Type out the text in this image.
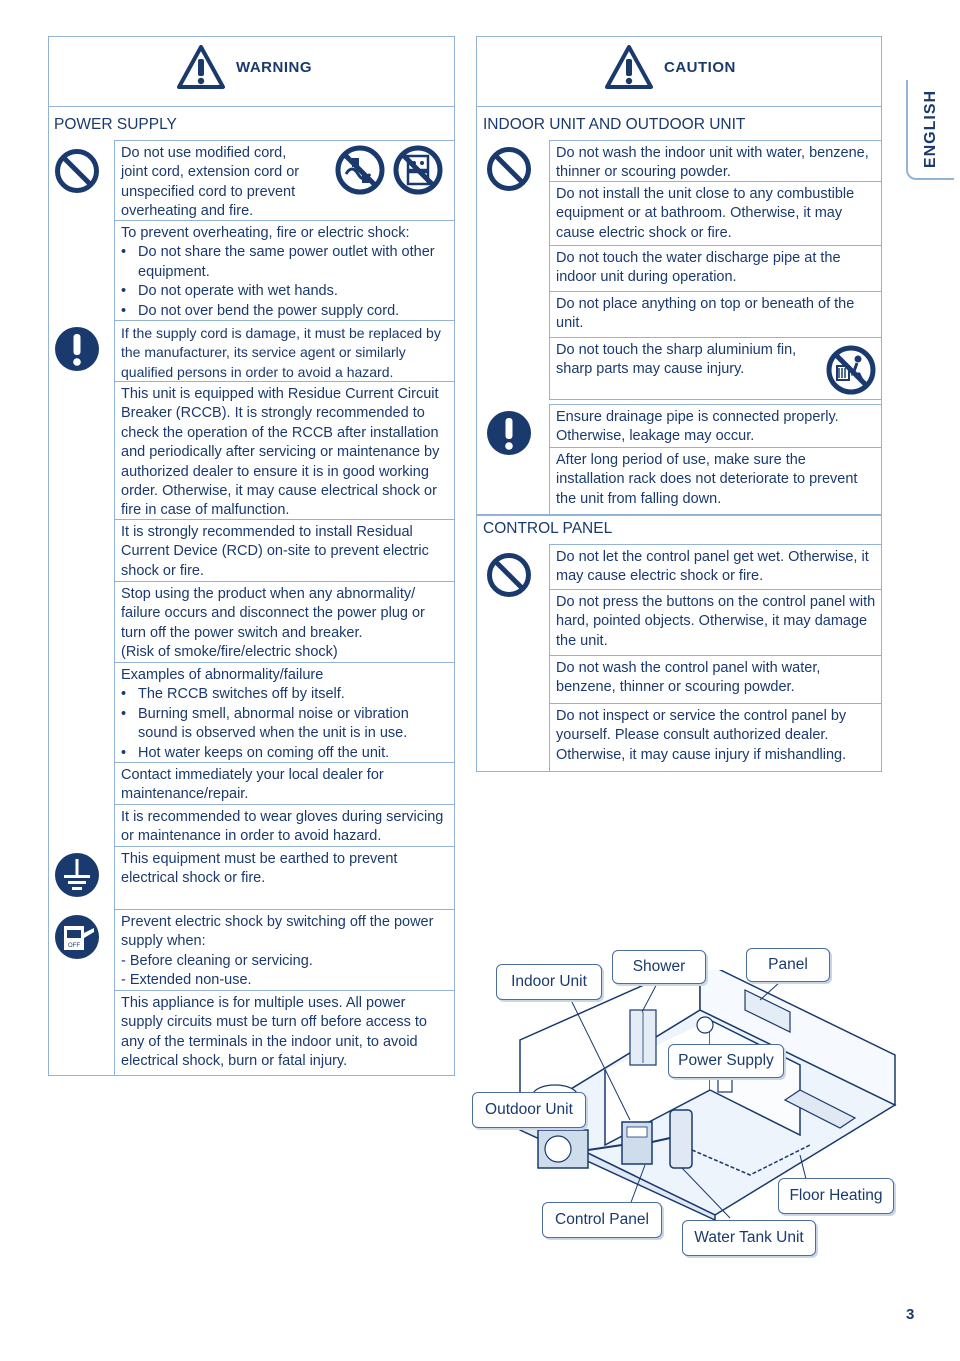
WARNING
POWER SUPPLY
OFF

Do not use modified cord,

joint cord, extension cord or

unspecified cord to prevent

overheating and fire.

To prevent overheating, fire or electric shock:

• Do not share the same power outlet with other equipment.
• Do not operate with wet hands.
• Do not over bend the power supply cord.

If the supply cord is damage, it must be replaced by the manufacturer, its service agent or similarly qualified persons in order to avoid a hazard.

This unit is equipped with Residue Current Circuit Breaker (RCCB). It is strongly recommended to check the operation of the RCCB after installation and periodically after servicing or maintenance by authorized dealer to ensure it is in good working order. Otherwise, it may cause electrical shock or fire in case of malfunction.

It is strongly recommended to install Residual Current Device (RCD) on-site to prevent electric shock or fire.

Stop using the product when any abnormality/ failure occurs and disconnect the power plug or turn off the power switch and breaker.

(Risk of smoke/fire/electric shock)

Examples of abnormality/failure

• The RCCB switches off by itself.
• Burning smell, abnormal noise or vibration sound is observed when the unit is in use.
• Hot water keeps on coming off the unit.

Contact immediately your local dealer for maintenance/repair.

It is recommended to wear gloves during servicing or maintenance in order to avoid hazard.

This equipment must be earthed to prevent electrical shock or fire.

Prevent electric shock by switching off the power supply when:

- Before cleaning or servicing.

- Extended non-use.

This appliance is for multiple uses. All power supply circuits must be turn off before access to any of the terminals in the indoor unit, to avoid electrical shock, burn or fatal injury.

CAUTION
INDOOR UNIT AND OUTDOOR UNIT

Do not wash the indoor unit with water, benzene, thinner or scouring powder.

Do not install the unit close to any combustible equipment or at bathroom. Otherwise, it may cause electric shock or fire.

Do not touch the water discharge pipe at the indoor unit during operation.

Do not place anything on top or beneath of the unit.

Do not touch the sharp aluminium fin, sharp parts may cause injury.

Ensure drainage pipe is connected properly. Otherwise, leakage may occur.

After long period of use, make sure the installation rack does not deteriorate to prevent the unit from falling down.

CONTROL PANEL

Do not let the control panel get wet. Otherwise, it may cause electric shock or fire.

Do not press the buttons on the control panel with hard, pointed objects. Otherwise, it may damage the unit.

Do not wash the control panel with water, benzene, thinner or scouring powder.

Do not inspect or service the control panel by yourself. Please consult authorized dealer. Otherwise, it may cause injury if mishandling.

Indoor Unit
Shower	Panel
Power Supply
Outdoor Unit
Floor Heating
Control Panel
Water Tank Unit
ENGLISH
3
